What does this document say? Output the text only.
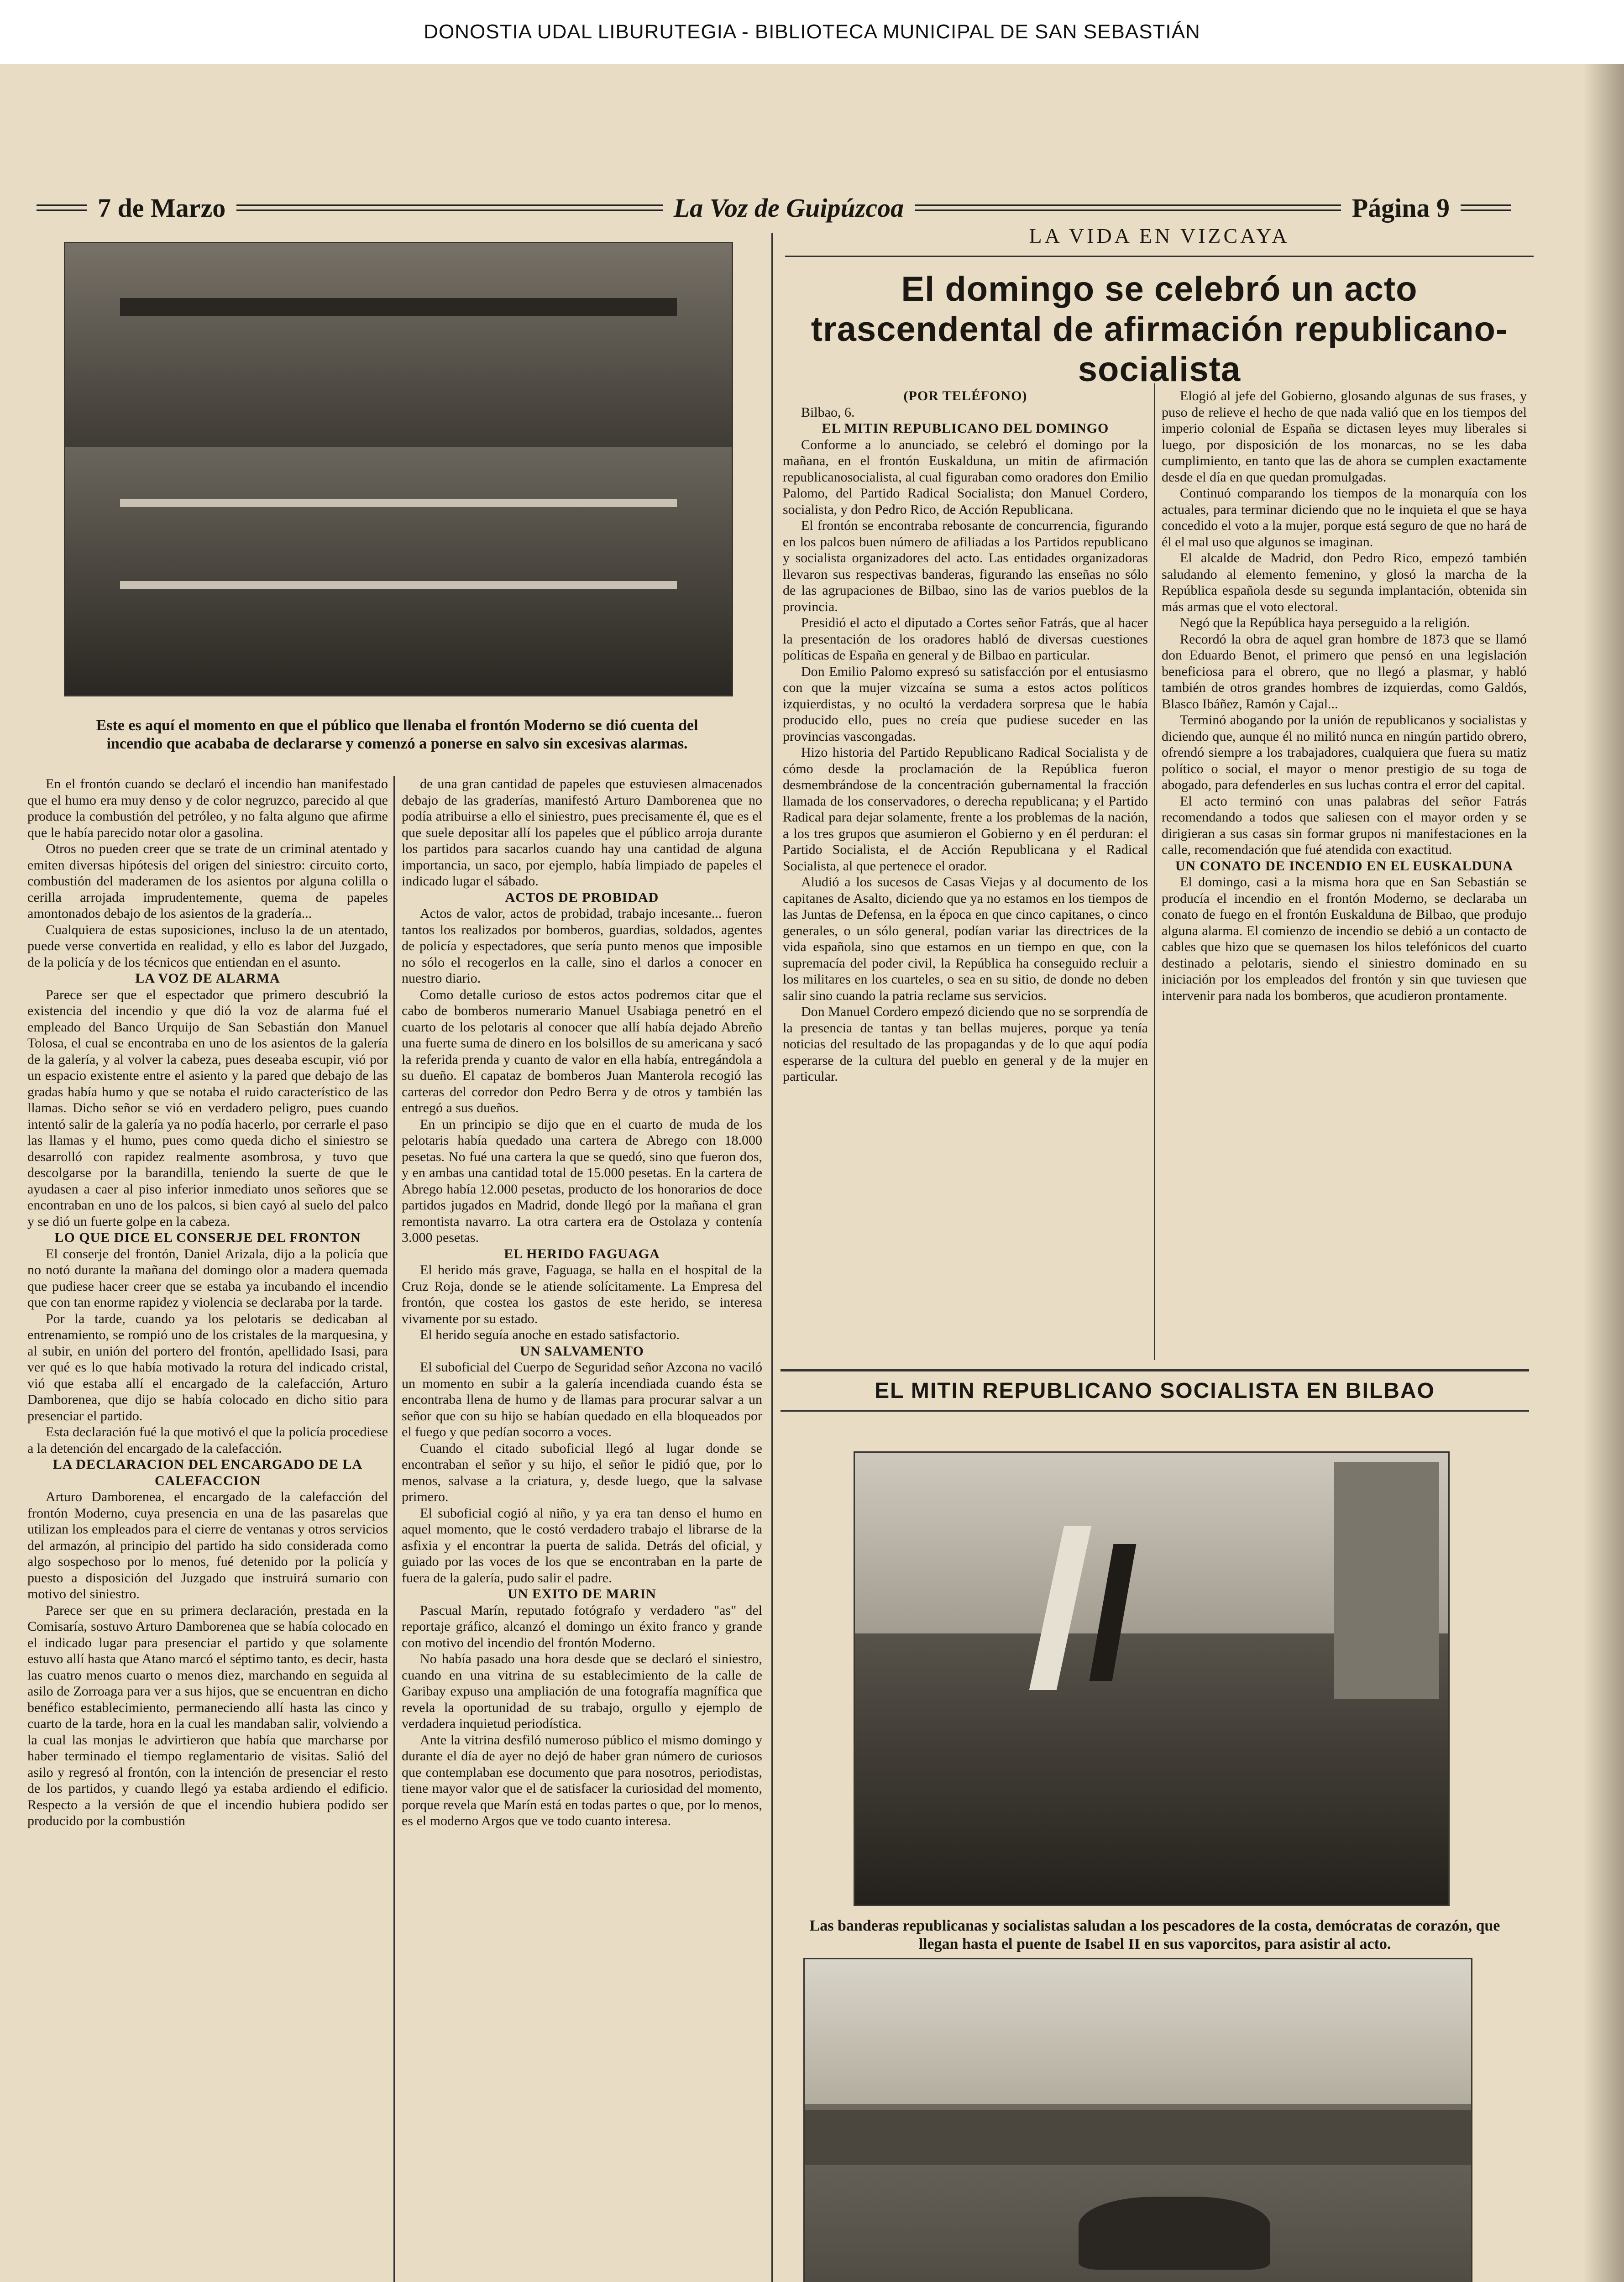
DONOSTIA UDAL LIBURUTEGIA - BIBLIOTECA MUNICIPAL DE SAN SEBASTIÁN
7 de Marzo	La Voz de Guipúzcoa	Página 9
Este es aquí el momento en que el público que llenaba el frontón Moderno se dió cuenta del incendio que acababa de declararse y comenzó a ponerse en salvo sin excesivas alarmas.

En el frontón cuando se declaró el incendio han manifestado que el humo era muy denso y de color negruzco, parecido al que produce la combustión del petróleo, y no falta alguno que afirme que le había parecido notar olor a gasolina.

Otros no pueden creer que se trate de un criminal atentado y emiten diversas hipótesis del origen del siniestro: circuito corto, combustión del maderamen de los asientos por alguna colilla o cerilla arrojada imprudentemente, quema de papeles amontonados debajo de los asientos de la gradería...

Cualquiera de estas suposiciones, incluso la de un atentado, puede verse convertida en realidad, y ello es labor del Juzgado, de la policía y de los técnicos que entiendan en el asunto.

LA VOZ DE ALARMA

Parece ser que el espectador que primero descubrió la existencia del incendio y que dió la voz de alarma fué el empleado del Banco Urquijo de San Sebastián don Manuel Tolosa, el cual se encontraba en uno de los asientos de la galería de la galería, y al volver la cabeza, pues deseaba escupir, vió por un espacio existente entre el asiento y la pared que debajo de las gradas había humo y que se notaba el ruido característico de las llamas. Dicho señor se vió en verdadero peligro, pues cuando intentó salir de la galería ya no podía hacerlo, por cerrarle el paso las llamas y el humo, pues como queda dicho el siniestro se desarrolló con rapidez realmente asombrosa, y tuvo que descolgarse por la barandilla, teniendo la suerte de que le ayudasen a caer al piso inferior inmediato unos señores que se encontraban en uno de los palcos, si bien cayó al suelo del palco y se dió un fuerte golpe en la cabeza.

LO QUE DICE EL CONSERJE DEL FRONTON

El conserje del frontón, Daniel Arizala, dijo a la policía que no notó durante la mañana del domingo olor a madera quemada que pudiese hacer creer que se estaba ya incubando el incendio que con tan enorme rapidez y violencia se declaraba por la tarde.

Por la tarde, cuando ya los pelotaris se dedicaban al entrenamiento, se rompió uno de los cristales de la marquesina, y al subir, en unión del portero del frontón, apellidado Isasi, para ver qué es lo que había motivado la rotura del indicado cristal, vió que estaba allí el encargado de la calefacción, Arturo Damborenea, que dijo se había colocado en dicho sitio para presenciar el partido.

Esta declaración fué la que motivó el que la policía procediese a la detención del encargado de la calefacción.

LA DECLARACION DEL ENCARGADO DE LA CALEFACCION

Arturo Damborenea, el encargado de la calefacción del frontón Moderno, cuya presencia en una de las pasarelas que utilizan los empleados para el cierre de ventanas y otros servicios del armazón, al principio del partido ha sido considerada como algo sospechoso por lo menos, fué detenido por la policía y puesto a disposición del Juzgado que instruirá sumario con motivo del siniestro.

Parece ser que en su primera declaración, prestada en la Comisaría, sostuvo Arturo Damborenea que se había colocado en el indicado lugar para presenciar el partido y que solamente estuvo allí hasta que Atano marcó el séptimo tanto, es decir, hasta las cuatro menos cuarto o menos diez, marchando en seguida al asilo de Zorroaga para ver a sus hijos, que se encuentran en dicho benéfico establecimiento, permaneciendo allí hasta las cinco y cuarto de la tarde, hora en la cual les mandaban salir, volviendo a la cual las monjas le advirtieron que había que marcharse por haber terminado el tiempo reglamentario de visitas. Salió del asilo y regresó al frontón, con la intención de presenciar el resto de los partidos, y cuando llegó ya estaba ardiendo el edificio. Respecto a la versión de que el incendio hubiera podido ser producido por la combustión

de una gran cantidad de papeles que estuviesen almacenados debajo de las graderías, manifestó Arturo Damborenea que no podía atribuirse a ello el siniestro, pues precisamente él, que es el que suele depositar allí los papeles que el público arroja durante los partidos para sacarlos cuando hay una cantidad de alguna importancia, un saco, por ejemplo, había limpiado de papeles el indicado lugar el sábado.

ACTOS DE PROBIDAD

Actos de valor, actos de probidad, trabajo incesante... fueron tantos los realizados por bomberos, guardias, soldados, agentes de policía y espectadores, que sería punto menos que imposible no sólo el recogerlos en la calle, sino el darlos a conocer en nuestro diario.

Como detalle curioso de estos actos podremos citar que el cabo de bomberos numerario Manuel Usabiaga penetró en el cuarto de los pelotaris al conocer que allí había dejado Abreño una fuerte suma de dinero en los bolsillos de su americana y sacó la referida prenda y cuanto de valor en ella había, entregándola a su dueño. El capataz de bomberos Juan Manterola recogió las carteras del corredor don Pedro Berra y de otros y también las entregó a sus dueños.

En un principio se dijo que en el cuarto de muda de los pelotaris había quedado una cartera de Abrego con 18.000 pesetas. No fué una cartera la que se quedó, sino que fueron dos, y en ambas una cantidad total de 15.000 pesetas. En la cartera de Abrego había 12.000 pesetas, producto de los honorarios de doce partidos jugados en Madrid, donde llegó por la mañana el gran remontista navarro. La otra cartera era de Ostolaza y contenía 3.000 pesetas.

EL HERIDO FAGUAGA

El herido más grave, Faguaga, se halla en el hospital de la Cruz Roja, donde se le atiende solícitamente. La Empresa del frontón, que costea los gastos de este herido, se interesa vivamente por su estado.

El herido seguía anoche en estado satisfactorio.

UN SALVAMENTO

El suboficial del Cuerpo de Seguridad señor Azcona no vaciló un momento en subir a la galería incendiada cuando ésta se encontraba llena de humo y de llamas para procurar salvar a un señor que con su hijo se habían quedado en ella bloqueados por el fuego y que pedían socorro a voces.

Cuando el citado suboficial llegó al lugar donde se encontraban el señor y su hijo, el señor le pidió que, por lo menos, salvase a la criatura, y, desde luego, que la salvase primero.

El suboficial cogió al niño, y ya era tan denso el humo en aquel momento, que le costó verdadero trabajo el librarse de la asfixia y el encontrar la puerta de salida. Detrás del oficial, y guiado por las voces de los que se encontraban en la parte de fuera de la galería, pudo salir el padre.

UN EXITO DE MARIN

Pascual Marín, reputado fotógrafo y verdadero "as" del reportaje gráfico, alcanzó el domingo un éxito franco y grande con motivo del incendio del frontón Moderno.

No había pasado una hora desde que se declaró el siniestro, cuando en una vitrina de su establecimiento de la calle de Garibay expuso una ampliación de una fotografía magnífica que revela la oportunidad de su trabajo, orgullo y ejemplo de verdadera inquietud periodística.

Ante la vitrina desfiló numeroso público el mismo domingo y durante el día de ayer no dejó de haber gran número de curiosos que contemplaban ese documento que para nosotros, periodistas, tiene mayor valor que el de satisfacer la curiosidad del momento, porque revela que Marín está en todas partes o que, por lo menos, es el moderno Argos que ve todo cuanto interesa.

LA VIDA EN VIZCAYA
El domingo se celebró un acto trascendental de afirmación republicano-socialista

(POR TELÉFONO)

Bilbao, 6.

EL MITIN REPUBLICANO DEL DOMINGO

Conforme a lo anunciado, se celebró el domingo por la mañana, en el frontón Euskalduna, un mitin de afirmación republicanosocialista, al cual figuraban como oradores don Emilio Palomo, del Partido Radical Socialista; don Manuel Cordero, socialista, y don Pedro Rico, de Acción Republicana.

El frontón se encontraba rebosante de concurrencia, figurando en los palcos buen número de afiliadas a los Partidos republicano y socialista organizadores del acto. Las entidades organizadoras llevaron sus respectivas banderas, figurando las enseñas no sólo de las agrupaciones de Bilbao, sino las de varios pueblos de la provincia.

Presidió el acto el diputado a Cortes señor Fatrás, que al hacer la presentación de los oradores habló de diversas cuestiones políticas de España en general y de Bilbao en particular.

Don Emilio Palomo expresó su satisfacción por el entusiasmo con que la mujer vizcaína se suma a estos actos políticos izquierdistas, y no ocultó la verdadera sorpresa que le había producido ello, pues no creía que pudiese suceder en las provincias vascongadas.

Hizo historia del Partido Republicano Radical Socialista y de cómo desde la proclamación de la República fueron desmembrándose de la concentración gubernamental la fracción llamada de los conservadores, o derecha republicana; y el Partido Radical para dejar solamente, frente a los problemas de la nación, a los tres grupos que asumieron el Gobierno y en él perduran: el Partido Socialista, el de Acción Republicana y el Radical Socialista, al que pertenece el orador.

Aludió a los sucesos de Casas Viejas y al documento de los capitanes de Asalto, diciendo que ya no estamos en los tiempos de las Juntas de Defensa, en la época en que cinco capitanes, o cinco generales, o un sólo general, podían variar las directrices de la vida española, sino que estamos en un tiempo en que, con la supremacía del poder civil, la República ha conseguido recluir a los militares en los cuarteles, o sea en su sitio, de donde no deben salir sino cuando la patria reclame sus servicios.

Don Manuel Cordero empezó diciendo que no se sorprendía de la presencia de tantas y tan bellas mujeres, porque ya tenía noticias del resultado de las propagandas y de lo que aquí podía esperarse de la cultura del pueblo en general y de la mujer en particular.

Elogió al jefe del Gobierno, glosando algunas de sus frases, y puso de relieve el hecho de que nada valió que en los tiempos del imperio colonial de España se dictasen leyes muy liberales si luego, por disposición de los monarcas, no se les daba cumplimiento, en tanto que las de ahora se cumplen exactamente desde el día en que quedan promulgadas.

Continuó comparando los tiempos de la monarquía con los actuales, para terminar diciendo que no le inquieta el que se haya concedido el voto a la mujer, porque está seguro de que no hará de él el mal uso que algunos se imaginan.

El alcalde de Madrid, don Pedro Rico, empezó también saludando al elemento femenino, y glosó la marcha de la República española desde su segunda implantación, obtenida sin más armas que el voto electoral.

Negó que la República haya perseguido a la religión.

Recordó la obra de aquel gran hombre de 1873 que se llamó don Eduardo Benot, el primero que pensó en una legislación beneficiosa para el obrero, que no llegó a plasmar, y habló también de otros grandes hombres de izquierdas, como Galdós, Blasco Ibáñez, Ramón y Cajal...

Terminó abogando por la unión de republicanos y socialistas y diciendo que, aunque él no militó nunca en ningún partido obrero, ofrendó siempre a los trabajadores, cualquiera que fuera su matiz político o social, el mayor o menor prestigio de su toga de abogado, para defenderles en sus luchas contra el error del capital.

El acto terminó con unas palabras del señor Fatrás recomendando a todos que saliesen con el mayor orden y se dirigieran a sus casas sin formar grupos ni manifestaciones en la calle, recomendación que fué atendida con exactitud.

UN CONATO DE INCENDIO EN EL EUSKALDUNA

El domingo, casi a la misma hora que en San Sebastián se producía el incendio en el frontón Moderno, se declaraba un conato de fuego en el frontón Euskalduna de Bilbao, que produjo alguna alarma. El comienzo de incendio se debió a un contacto de cables que hizo que se quemasen los hilos telefónicos del cuarto destinado a pelotaris, siendo el siniestro dominado en su iniciación por los empleados del frontón y sin que tuviesen que intervenir para nada los bomberos, que acudieron prontamente.

EL MITIN REPUBLICANO SOCIALISTA EN BILBAO
Las banderas republicanas y socialistas saludan a los pescadores de la costa, demócratas de corazón, que llegan hasta el puente de Isabel II en sus vaporcitos, para asistir al acto.
